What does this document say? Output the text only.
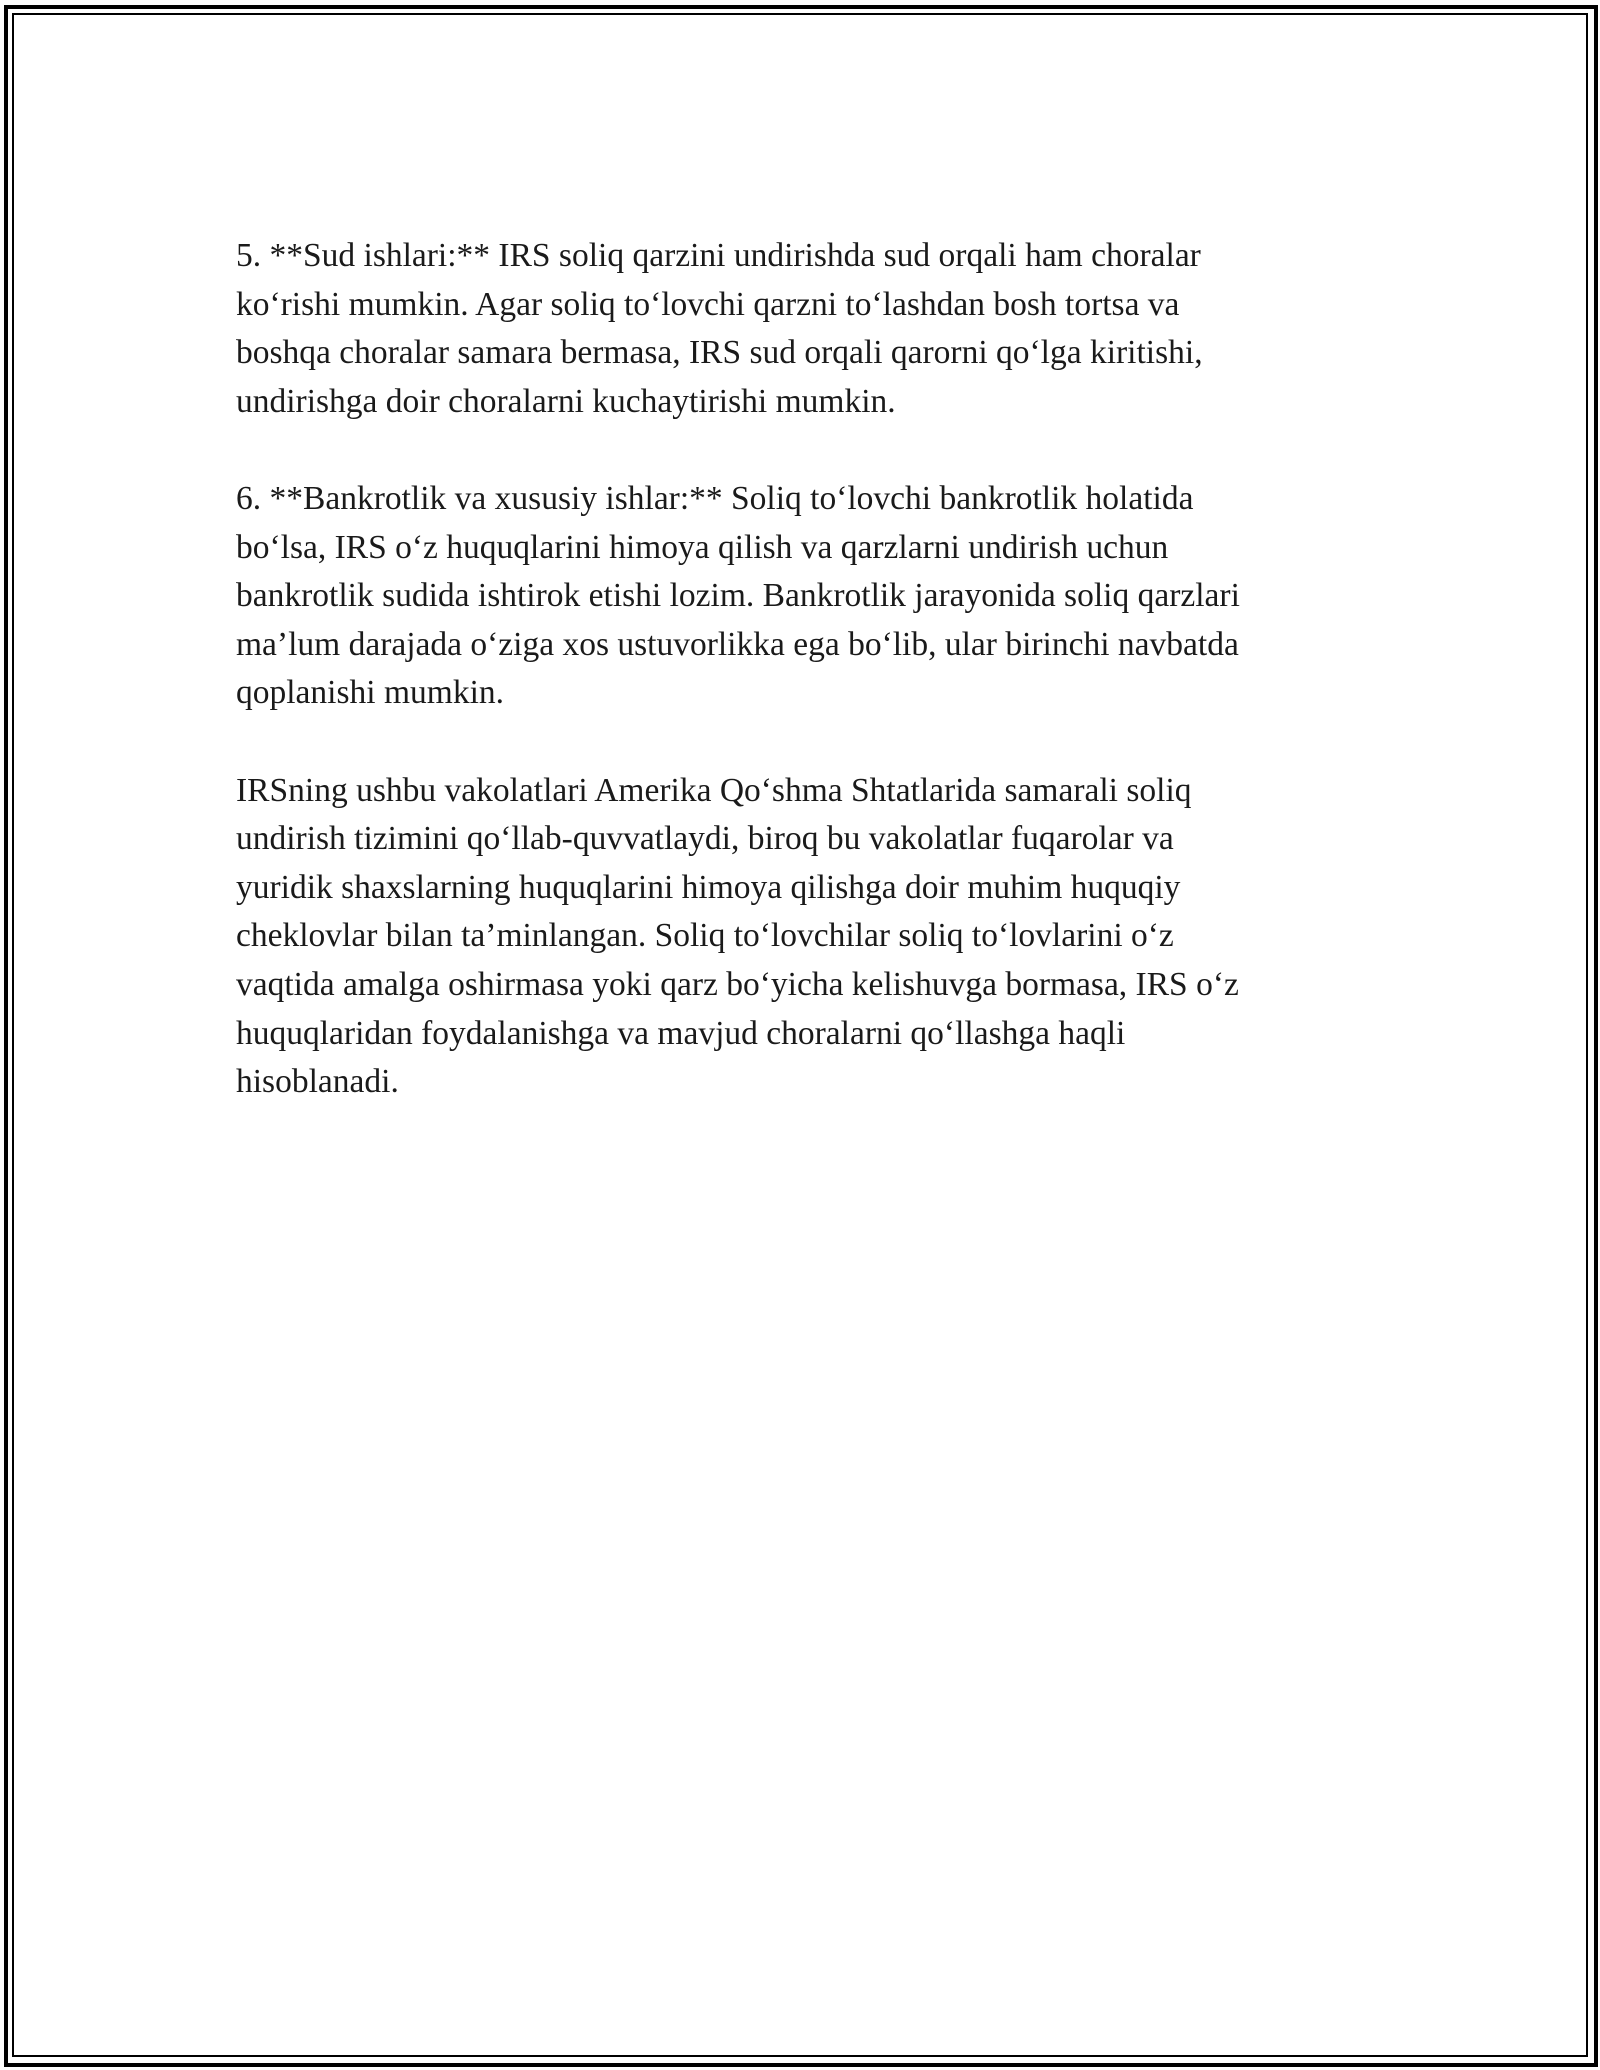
5. **Sud ishlari:** IRS soliq qarzini undirishda sud orqali ham choralar
ko‘rishi mumkin. Agar soliq to‘lovchi qarzni to‘lashdan bosh tortsa va
boshqa choralar samara bermasa, IRS sud orqali qarorni qo‘lga kiritishi,
undirishga doir choralarni kuchaytirishi mumkin.

6. **Bankrotlik va xususiy ishlar:** Soliq to‘lovchi bankrotlik holatida
bo‘lsa, IRS o‘z huquqlarini himoya qilish va qarzlarni undirish uchun
bankrotlik sudida ishtirok etishi lozim. Bankrotlik jarayonida soliq qarzlari
ma’lum darajada o‘ziga xos ustuvorlikka ega bo‘lib, ular birinchi navbatda
qoplanishi mumkin.

IRSning ushbu vakolatlari Amerika Qo‘shma Shtatlarida samarali soliq
undirish tizimini qo‘llab-quvvatlaydi, biroq bu vakolatlar fuqarolar va
yuridik shaxslarning huquqlarini himoya qilishga doir muhim huquqiy
cheklovlar bilan ta’minlangan. Soliq to‘lovchilar soliq to‘lovlarini o‘z
vaqtida amalga oshirmasa yoki qarz bo‘yicha kelishuvga bormasa, IRS o‘z
huquqlaridan foydalanishga va mavjud choralarni qo‘llashga haqli
hisoblanadi.
